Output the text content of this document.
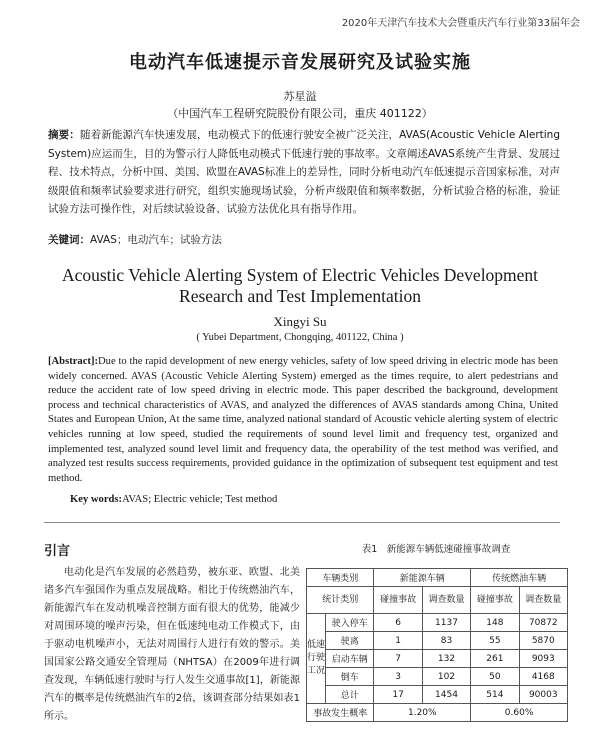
2020年天津汽车技术大会暨重庆汽车行业第33届年会
电动汽车低速提示音发展研究及试验实施
苏星溢
（中国汽车工程研究院股份有限公司，重庆 401122）
摘要：随着新能源汽车快速发展，电动模式下的低速行驶安全被广泛关注，AVAS(Acoustic Vehicle Alerting System)应运而生，目的为警示行人降低电动模式下低速行驶的事故率。文章阐述AVAS系统产生背景、发展过程、技术特点，分析中国、美国、欧盟在AVAS标准上的差异性，同时分析电动汽车低速提示音国家标准，对声级限值和频率试验要求进行研究，组织实施现场试验，分析声级限值和频率数据，分析试验合格的标准，验证试验方法可操作性，对后续试验设备、试验方法优化具有指导作用。
关键词：AVAS；电动汽车；试验方法
Acoustic Vehicle Alerting System of Electric Vehicles Development
Research and Test Implementation
Xingyi Su
( Yubei Department, Chongqing, 401122, China )
[Abstract]:Due to the rapid development of new energy vehicles, safety of low speed driving in electric mode has been widely concerned. AVAS (Acoustic Vehicle Alerting System) emerged as the times require, to alert pedestrians and reduce the accident rate of low speed driving in electric mode. This paper described the background, development process and technical characteristics of AVAS, and analyzed the differences of AVAS standards among China, United States and European Union, At the same time, analyzed national standard of Acoustic vehicle alerting system of electric vehicles running at low speed, studied the requirements of sound level limit and frequency test, organized and implemented test, analyzed sound level limit and frequency data, the operability of the test method was verified, and analyzed test results success requirements, provided guidance in the optimization of subsequent test equipment and test method.
Key words:AVAS; Electric vehicle; Test method
引言
电动化是汽车发展的必然趋势，被东亚、欧盟、北美诸多汽车强国作为重点发展战略。相比于传统燃油汽车，新能源汽车在发动机噪音控制方面有很大的优势，能减少对周围环境的噪声污染，但在低速纯电动工作模式下，由于驱动电机噪声小，无法对周围行人进行有效的警示。美国国家公路交通安全管理局（NHTSA）在2009年进行调查发现，车辆低速行驶时与行人发生交通事故[1]，新能源汽车的概率是传统燃油汽车的2倍，该调查部分结果如表1所示。
表1　新能源车辆低速碰撞事故调查
车辆类别		新能源车辆		传统燃油车辆	
统计类别		碰撞事故	调查数量	碰撞事故	调查数量
低速行驶工况	驶入停车	6	1137	148	70872
	驶离	1	83	55	5870
	启动车辆	7	132	261	9093
	倒车	3	102	50	4168
	总计	17	1454	514	90003
事故发生概率		1.20%		0.60%	
